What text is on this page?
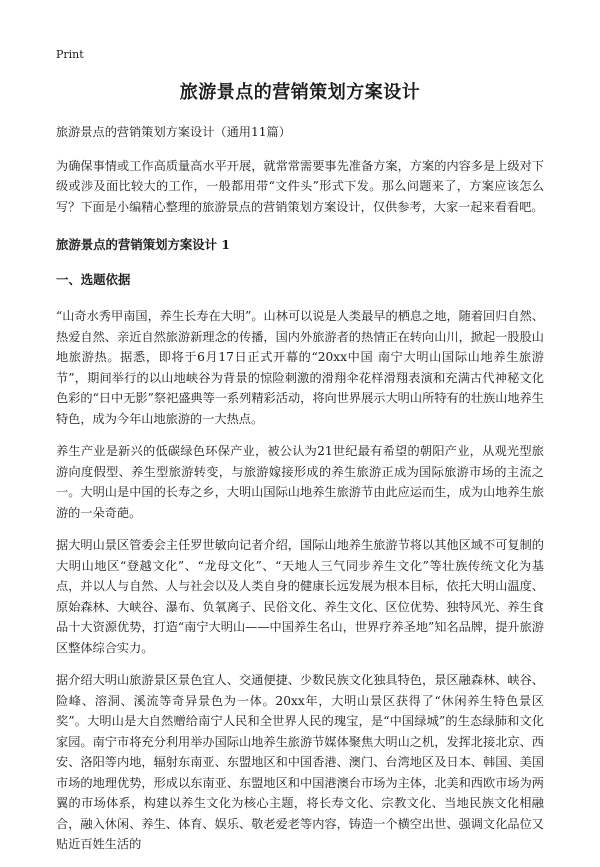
Print
旅游景点的营销策划方案设计

旅游景点的营销策划方案设计（通用11篇）

为确保事情或工作高质量高水平开展，就常常需要事先准备方案，方案的内容多是上级对下级或涉及面比较大的工作，一般都用带“文件头”形式下发。那么问题来了，方案应该怎么写？下面是小编精心整理的旅游景点的营销策划方案设计，仅供参考，大家一起来看看吧。

旅游景点的营销策划方案设计 1

一、选题依据

“山奇水秀甲南国，养生长寿在大明”。山林可以说是人类最早的栖息之地，随着回归自然、热爱自然、亲近自然旅游新理念的传播，国内外旅游者的热情正在转向山川，掀起一股股山地旅游热。据悉，即将于6月17日正式开幕的“20xx中国 南宁大明山国际山地养生旅游节”，期间举行的以山地峡谷为背景的惊险刺激的滑翔伞花样滑翔表演和充满古代神秘文化色彩的“日中无影”祭祀盛典等一系列精彩活动，将向世界展示大明山所特有的壮族山地养生特色，成为今年山地旅游的一大热点。

养生产业是新兴的低碳绿色环保产业，被公认为21世纪最有希望的朝阳产业，从观光型旅游向度假型、养生型旅游转变，与旅游嫁接形成的养生旅游正成为国际旅游市场的主流之一。大明山是中国的长寿之乡，大明山国际山地养生旅游节由此应运而生，成为山地养生旅游的一朵奇葩。

据大明山景区管委会主任罗世敏向记者介绍，国际山地养生旅游节将以其他区域不可复制的大明山地区“登越文化”、“龙母文化”、“天地人三气同步养生文化”等壮族传统文化为基点，并以人与自然、人与社会以及人类自身的健康长远发展为根本目标，依托大明山温度、原始森林、大峡谷、瀑布、负氧离子、民俗文化、养生文化、区位优势、独特风光、养生食品十大资源优势，打造“南宁大明山——中国养生名山，世界疗养圣地”知名品牌，提升旅游区整体综合实力。

据介绍大明山旅游景区景色宜人、交通便捷、少数民族文化独具特色，景区融森林、峡谷、险峰、溶洞、溪流等奇异景色为一体。20xx年，大明山景区获得了“休闲养生特色景区奖”。大明山是大自然赠给南宁人民和全世界人民的瑰宝，是“中国绿城”的生态绿肺和文化家园。南宁市将充分利用举办国际山地养生旅游节媒体聚焦大明山之机，发挥北接北京、西安、洛阳等内地，辐射东南亚、东盟地区和中国香港、澳门、台湾地区及日本、韩国、美国市场的地理优势，形成以东南亚、东盟地区和中国港澳台市场为主体，北美和西欧市场为两翼的市场体系，构建以养生文化为核心主题，将长寿文化、宗教文化、当地民族文化相融合，融入休闲、养生、体育、娱乐、敬老爱老等内容，铸造一个横空出世、强调文化品位又贴近百姓生活的
